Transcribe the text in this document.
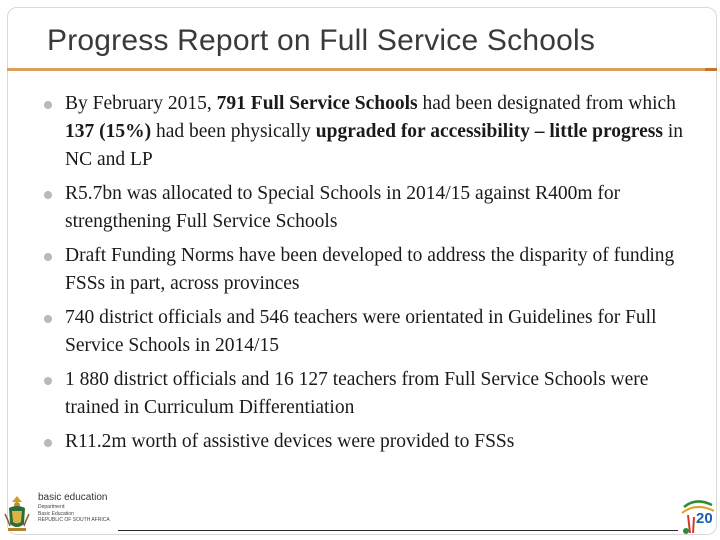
Progress Report on Full Service Schools
By February 2015, 791 Full Service Schools had been designated from which 137 (15%) had been physically upgraded for accessibility – little progress in NC and LP
R5.7bn was allocated to Special Schools in 2014/15 against R400m for strengthening Full Service Schools
Draft Funding Norms have been developed to address the disparity of funding FSSs in part, across provinces
740 district officials and 546 teachers were orientated in Guidelines for Full Service Schools in 2014/15
1 880 district officials and 16 127 teachers from Full Service Schools were trained in Curriculum Differentiation
R11.2m worth of assistive devices were provided to FSSs
basic education
Department:
Basic Education
REPUBLIC OF SOUTH AFRICA	20
